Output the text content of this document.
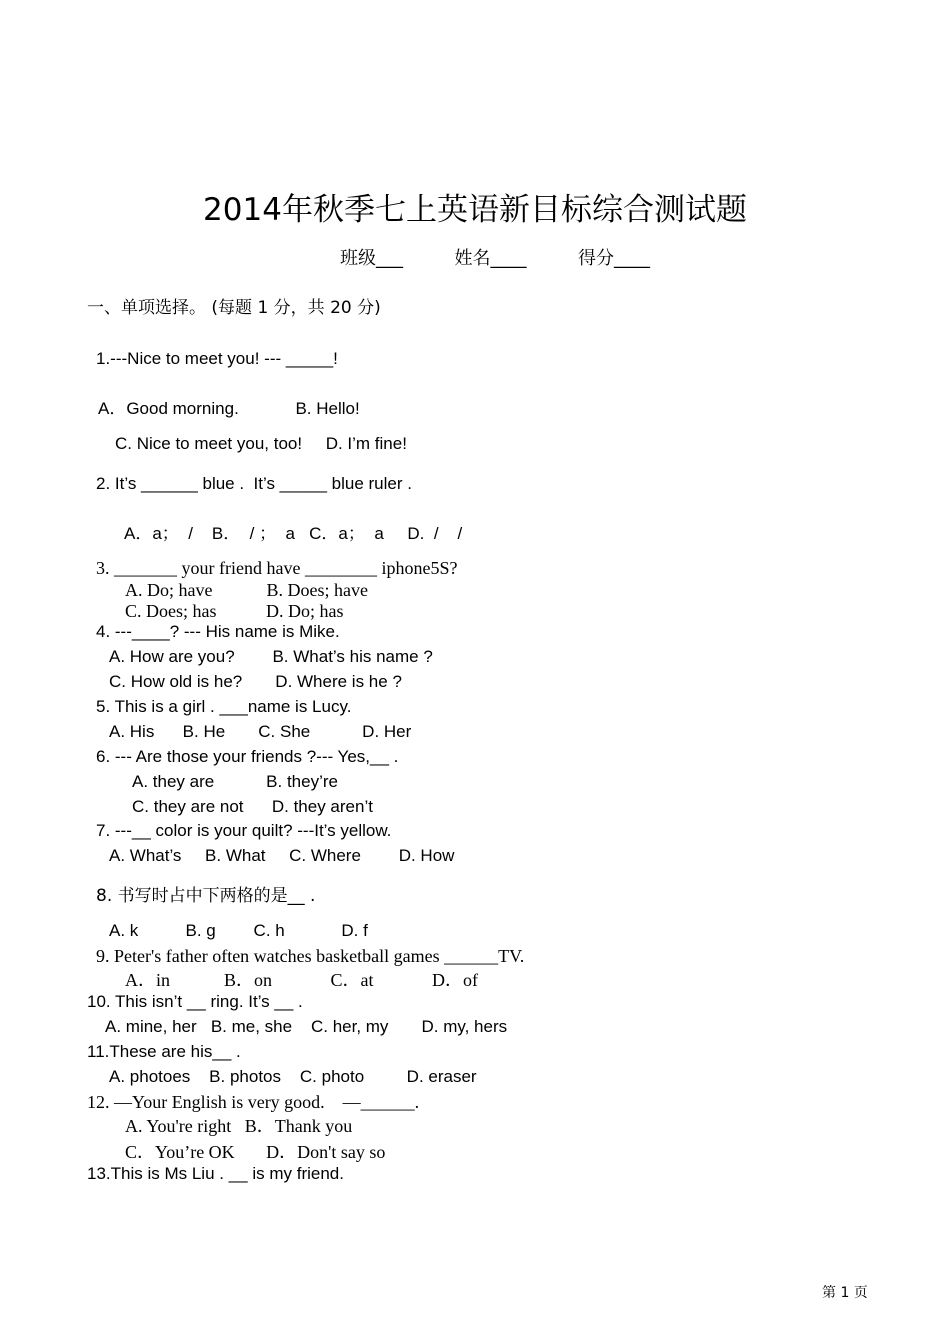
2014年秋季七上英语新目标综合测试题
班级___	姓名____	得分____
一、单项选择。 (每题 1 分，共 20 分)
1.---Nice to meet you! --- _____!
A．Good morning.            B. Hello!
C. Nice to meet you, too!     D. I’m fine!
2. It’s ______ blue .  It’s _____ blue ruler .
A．a；  /    B．  / ；  a   C．a；  a     D.  /    /
3. _______ your friend have ________ iphone5S?
A. Do; have            B. Does; have
C. Does; has           D. Do; has
4. ---____? --- His name is Mike.
A. How are you?        B. What’s his name ?
C. How old is he?       D. Where is he ?
5. This is a girl . ___name is Lucy.
A. His      B. He       C. She           D. Her
6. --- Are those your friends ?--- Yes,__ .
A. they are           B. they’re
C. they are not      D. they aren’t
7. ---__ color is your quilt? ---It’s yellow.
A. What’s     B. What     C. Where        D. How
8. 书写时占中下两格的是__ .
A. k          B. g        C. h            D. f
9. Peter's father often watches basketball games ______TV.
A．in            B．on             C．at             D．of
10. This isn’t __ ring. It’s __ .
A. mine, her   B. me, she    C. her, my       D. my, hers
11.These are his__ .
A. photoes    B. photos    C. photo         D. eraser
12. —Your English is very good.    —______.
A. You're right   B．Thank you
C．You’re OK       D．Don't say so
13.This is Ms Liu . __ is my friend.
第 1 页
